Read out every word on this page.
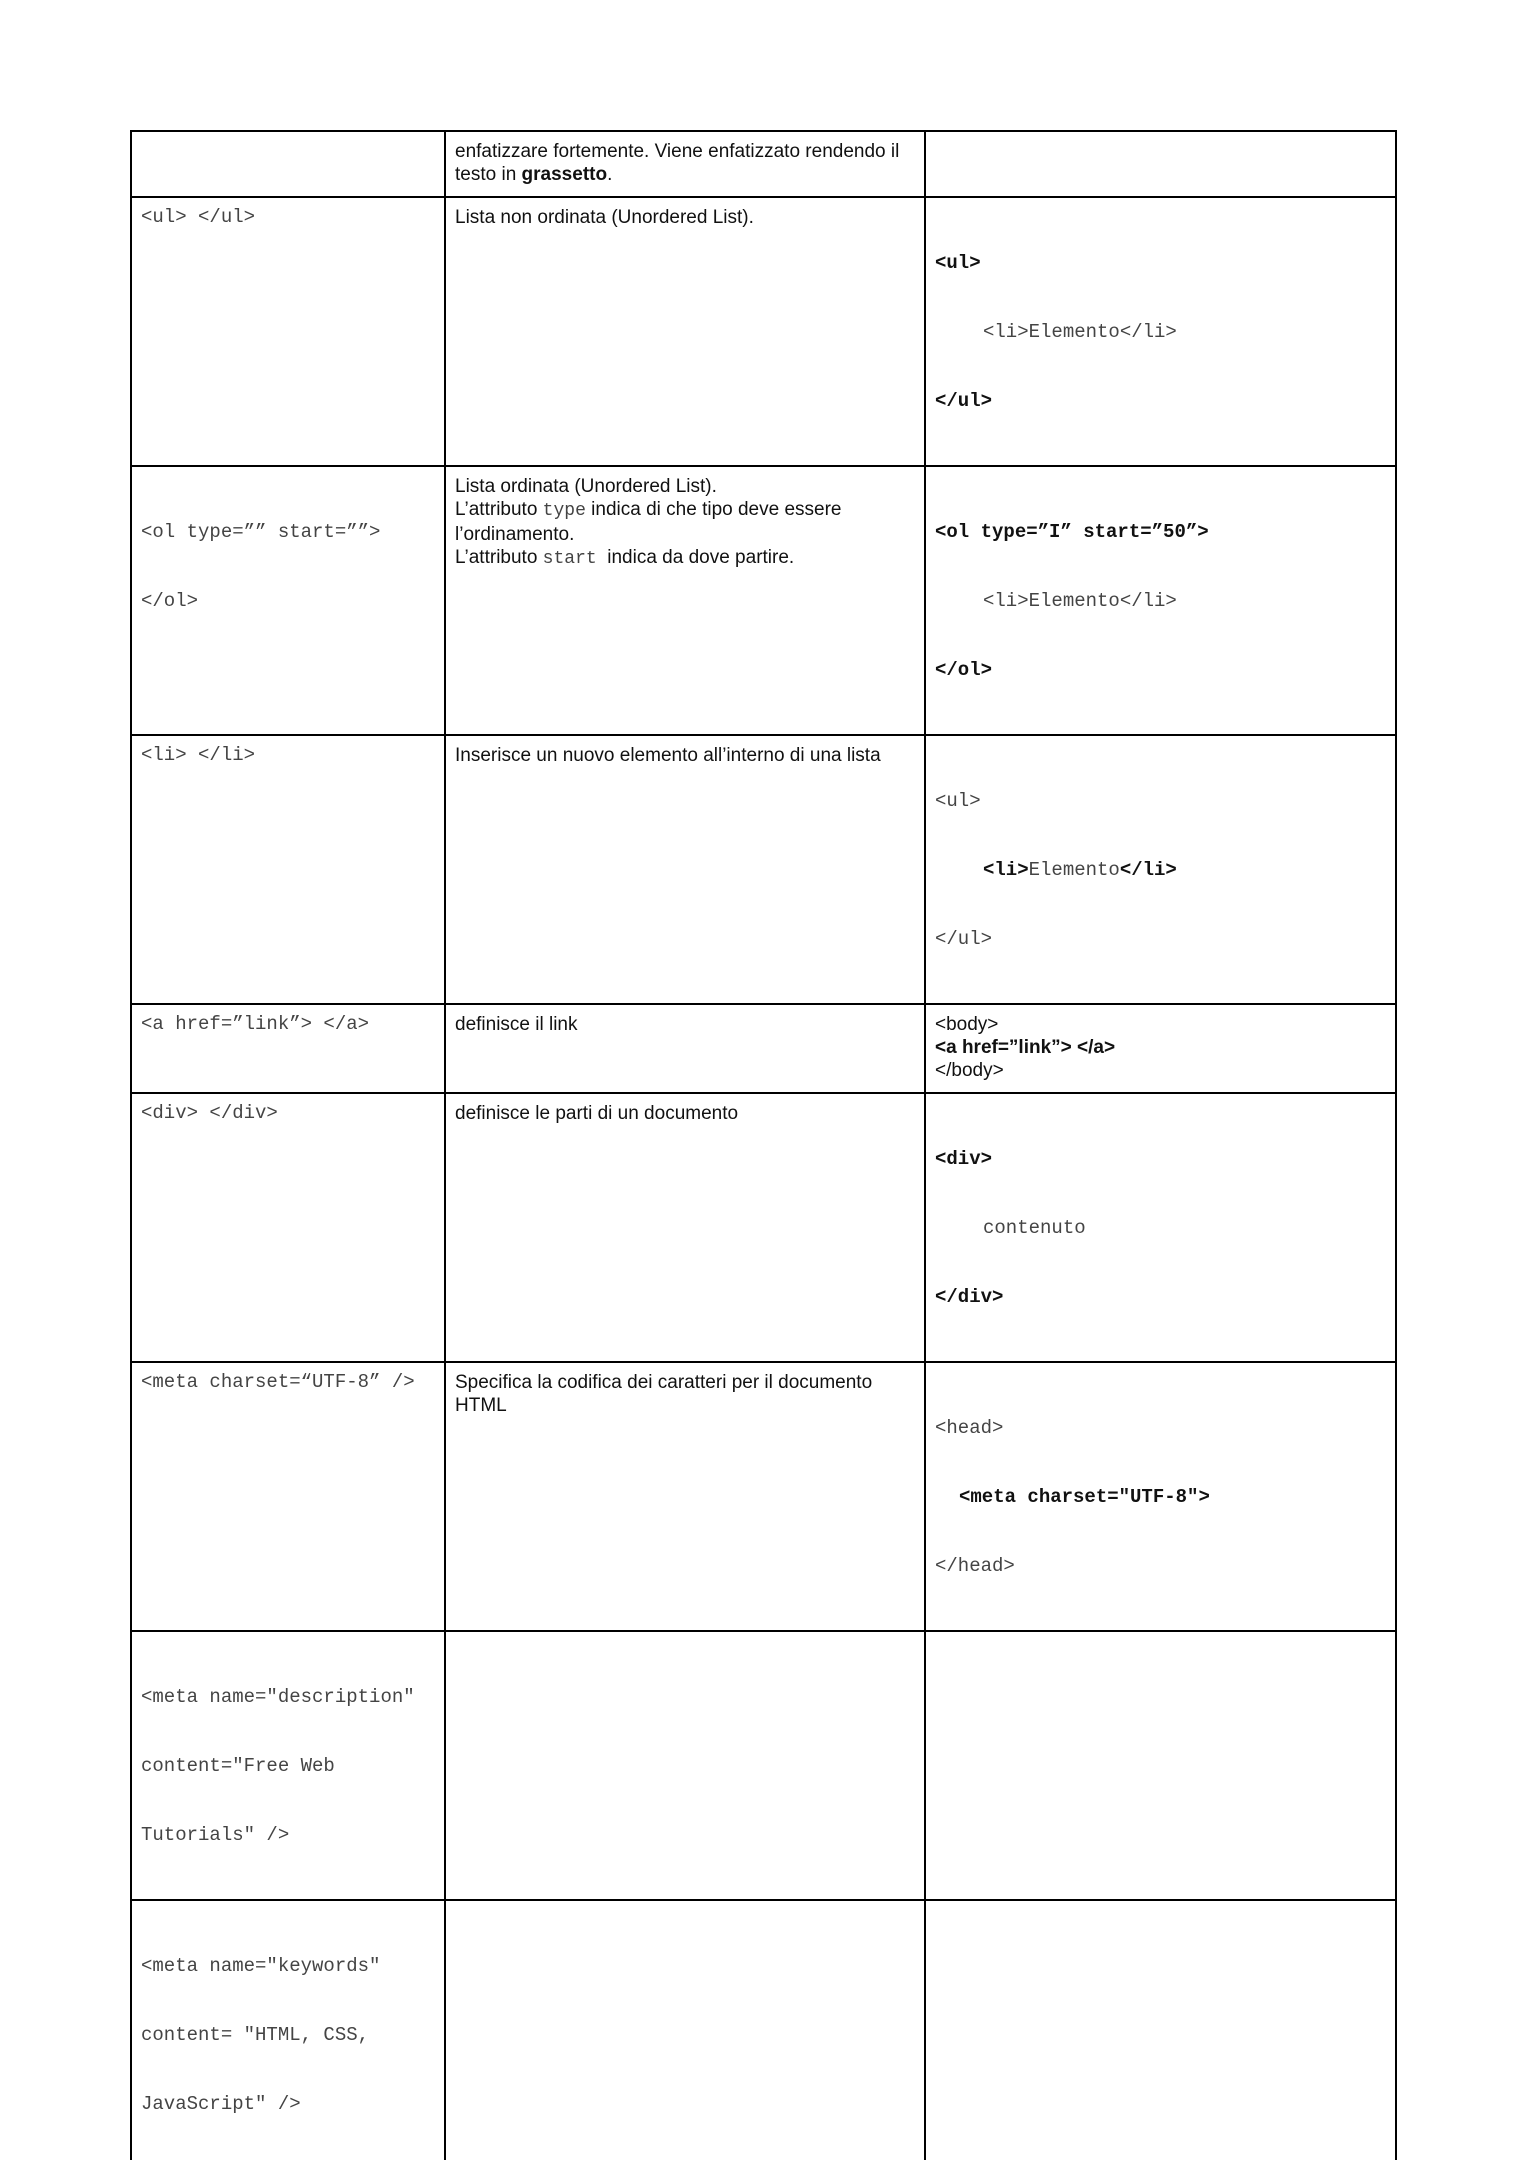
	enfatizzare fortemente. Viene enfatizzato rendendo il testo in grassetto.	
<ul> </ul>	Lista non ordinata (Unordered List).	<ul>

<li>Elemento</li>

</ul>

<ol type=”” start=””>

</ol>	Lista ordinata (Unordered List).
L’attributo type indica di che tipo deve essere l’ordinamento.
L’attributo start  indica da dove partire.	<ol type=”I” start=”50”>

<li>Elemento</li>

</ol>

<li> </li>	Inserisce un nuovo elemento all’interno di una lista	<ul>

<li>Elemento</li>

</ul>

<a href=”link”> </a>	definisce il link	<body>
<a href=”link”> </a>
</body>

<div> </div>	definisce le parti di un documento	<div>

contenuto

</div>

<meta charset=“UTF-8” />	Specifica la codifica dei caratteri per il documento HTML	<head>

<meta charset="UTF-8">

</head>

<meta name="description"

content="Free Web

Tutorials" />		

<meta name="keywords"

content= "HTML, CSS,

JavaScript" />		
